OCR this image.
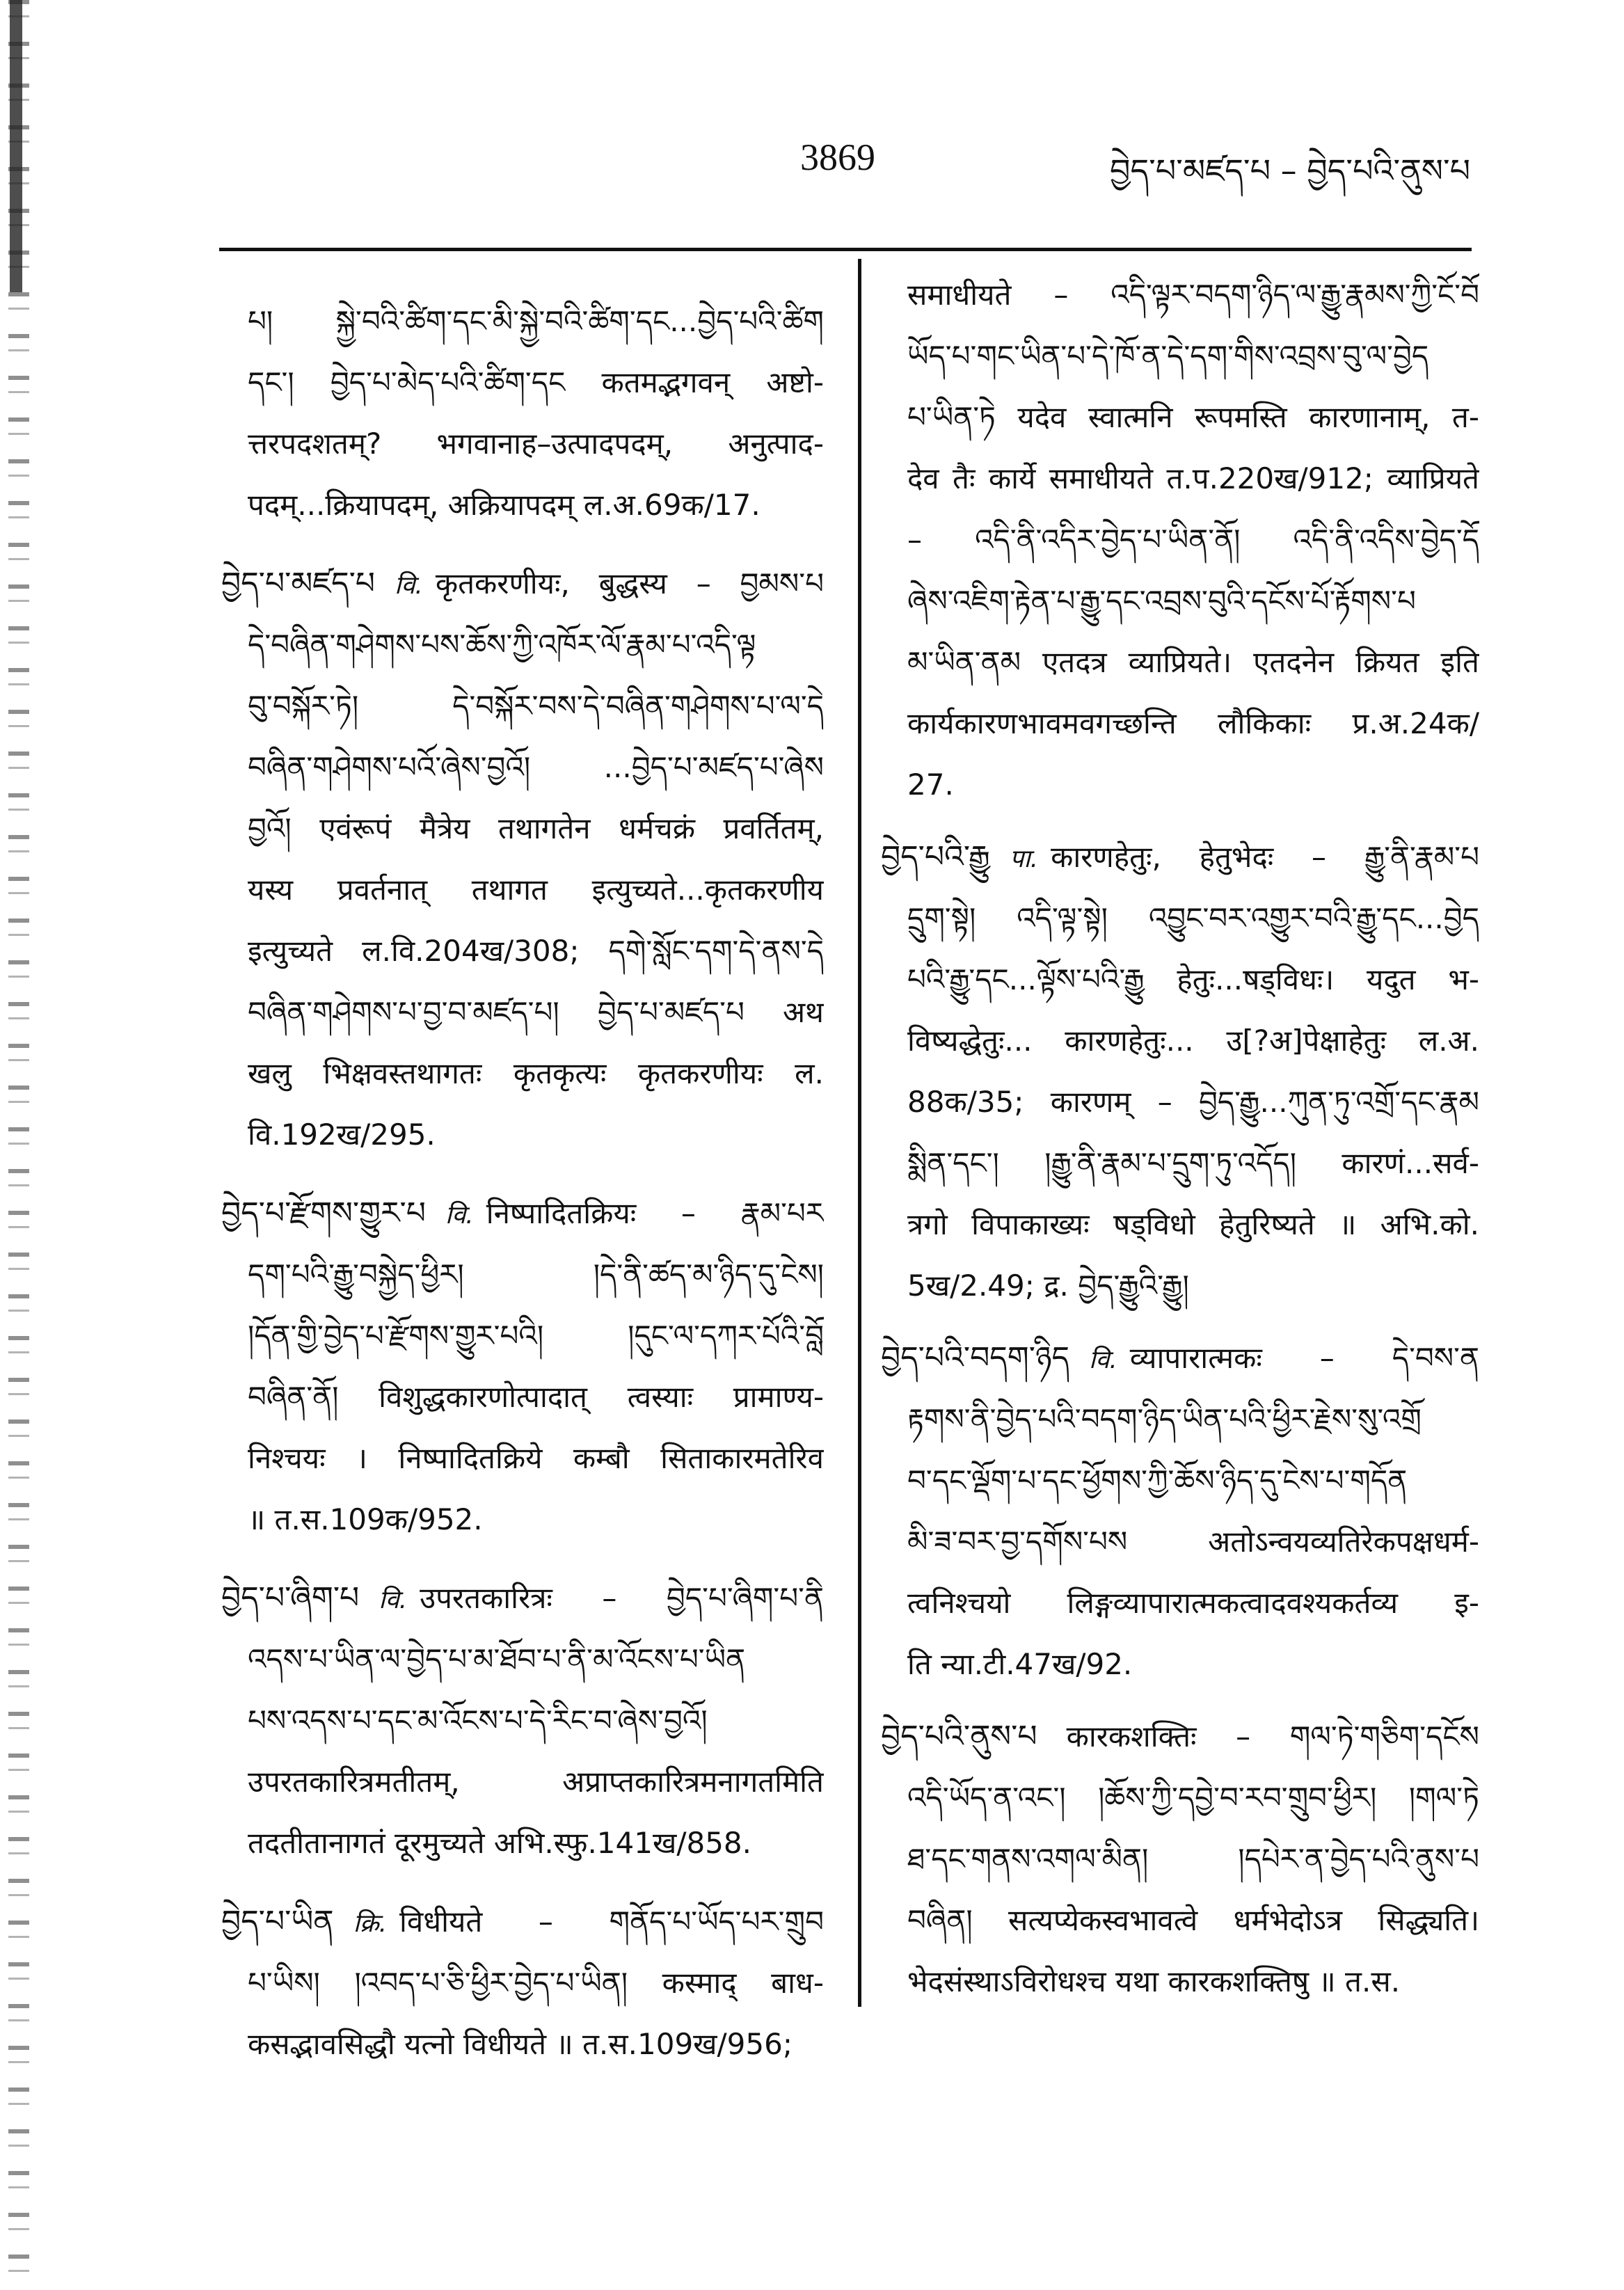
3869	བྱེད་པ་མཛད་པ – བྱེད་པའི་ནུས་པ
པ། སྐྱེ་བའི་ཚིག་དང་མི་སྐྱེ་བའི་ཚིག་དང...བྱེད་པའི་ཚིག
དང་། བྱེད་པ་མེད་པའི་ཚིག་དང कतमद्भगवन् अष्टो-
त्तरपदशतम्? भगवानाह–उत्पादपदम्, अनुत्पाद-
पदम्...क्रियापदम्, अक्रियापदम् ल.अ.69क/17.
བྱེད་པ་མཛད་པ वि. कृतकरणीयः, बुद्धस्य – བྱམས་པ
དེ་བཞིན་གཤེགས་པས་ཆོས་ཀྱི་འཁོར་ལོ་རྣམ་པ་འདི་ལྟ
བུ་བསྐོར་ཏེ། དེ་བསྐོར་བས་དེ་བཞིན་གཤེགས་པ་ལ་དེ
བཞིན་གཤེགས་པའོ་ཞེས་བྱའོ། ...བྱེད་པ་མཛད་པ་ཞེས
བྱའོ། एवंरूपं मैत्रेय तथागतेन धर्मचक्रं प्रवर्तितम्,
यस्य प्रवर्तनात् तथागत इत्युच्यते...कृतकरणीय
इत्युच्यते ल.वि.204ख/308; དགེ་སློང་དག་དེ་ནས་དེ
བཞིན་གཤེགས་པ་བྱ་བ་མཛད་པ། བྱེད་པ་མཛད་པ अथ
खलु भिक्षवस्तथागतः कृतकृत्यः कृतकरणीयः ल.
वि.192ख/295.
བྱེད་པ་རྫོགས་གྱུར་པ वि. निष्पादितक्रियः – རྣམ་པར
དག་པའི་རྒྱུ་བསྐྱེད་ཕྱིར། །དེ་ནི་ཚད་མ་ཉིད་དུ་ངེས།
།དོན་གྱི་བྱེད་པ་རྫོགས་གྱུར་པའི། །དུང་ལ་དཀར་པོའི་བློ
བཞིན་ནོ། विशुद्धकारणोत्पादात् त्वस्याः प्रामाण्य-
निश्चयः । निष्पादितक्रिये कम्बौ सिताकारमतेरिव
॥ त.स.109क/952.
བྱེད་པ་ཞིག་པ वि. उपरतकारित्रः – བྱེད་པ་ཞིག་པ་ནི
འདས་པ་ཡིན་ལ་བྱེད་པ་མ་ཐོབ་པ་ནི་མ་འོངས་པ་ཡིན
པས་འདས་པ་དང་མ་འོངས་པ་དེ་རིང་བ་ཞེས་བྱའོ།
उपरतकारित्रमतीतम्, अप्राप्तकारित्रमनागतमिति
तदतीतानागतं दूरमुच्यते अभि.स्फु.141ख/858.
བྱེད་པ་ཡིན क्रि. विधीयते – གནོད་པ་ཡོད་པར་གྲུབ
པ་ཡིས། །འབད་པ་ཅི་ཕྱིར་བྱེད་པ་ཡིན། कस्माद् बाध-
कसद्भावसिद्धौ यत्नो विधीयते ॥ त.स.109ख/956;
समाधीयते – འདི་ལྟར་བདག་ཉིད་ལ་རྒྱུ་རྣམས་ཀྱི་ངོ་བོ
ཡོད་པ་གང་ཡིན་པ་དེ་ཁོ་ན་དེ་དག་གིས་འབྲས་བུ་ལ་བྱེད
པ་ཡིན་ཏེ यदेव स्वात्मनि रूपमस्ति कारणानाम्, त-
देव तैः कार्ये समाधीयते त.प.220ख/912; व्याप्रियते
– འདི་ནི་འདིར་བྱེད་པ་ཡིན་ནོ། འདི་ནི་འདིས་བྱེད་དོ
ཞེས་འཇིག་རྟེན་པ་རྒྱུ་དང་འབྲས་བུའི་དངོས་པོ་རྟོགས་པ
མ་ཡིན་ནམ एतदत्र व्याप्रियते। एतदनेन क्रियत इति
कार्यकारणभावमवगच्छन्ति लौकिकाः प्र.अ.24क/
27.
བྱེད་པའི་རྒྱུ पा. कारणहेतुः, हेतुभेदः – རྒྱུ་ནི་རྣམ་པ
དྲུག་སྟེ། འདི་ལྟ་སྟེ། འབྱུང་བར་འགྱུར་བའི་རྒྱུ་དང...བྱེད
པའི་རྒྱུ་དང...ལྟོས་པའི་རྒྱུ हेतुः...षड्विधः। यदुत भ-
विष्यद्धेतुः... कारणहेतुः... उ[?अ]पेक्षाहेतुः ल.अ.
88क/35; कारणम् – བྱེད་རྒྱུ...ཀུན་ཏུ་འགྲོ་དང་རྣམ
སྨིན་དང་། །རྒྱུ་ནི་རྣམ་པ་དྲུག་ཏུ་འདོད། कारणं...सर्व-
त्रगो विपाकाख्यः षड्विधो हेतुरिष्यते ॥ अभि.को.
5ख/2.49; द्र. བྱེད་རྒྱུའི་རྒྱུ།
བྱེད་པའི་བདག་ཉིད वि. व्यापारात्मकः – དེ་བས་ན
རྟགས་ནི་བྱེད་པའི་བདག་ཉིད་ཡིན་པའི་ཕྱིར་རྗེས་སུ་འགྲོ
བ་དང་ལྡོག་པ་དང་ཕྱོགས་ཀྱི་ཆོས་ཉིད་དུ་ངེས་པ་གདོན
མི་ཟ་བར་བྱ་དགོས་པས अतोऽन्वयव्यतिरेकपक्षधर्म-
त्वनिश्चयो लिङ्गव्यापारात्मकत्वादवश्यकर्तव्य इ-
ति न्या.टी.47ख/92.
བྱེད་པའི་ནུས་པ  कारकशक्तिः – གལ་ཏེ་གཅིག་དངོས
འདི་ཡོད་ན་འང་། །ཆོས་ཀྱི་དབྱེ་བ་རབ་གྲུབ་ཕྱིར། །གལ་ཏེ
ཐ་དང་གནས་འགལ་མིན། །དཔེར་ན་བྱེད་པའི་ནུས་པ
བཞིན། सत्यप्येकस्वभावत्वे धर्मभेदोऽत्र सिद्ध्यति।
भेदसंस्थाऽविरोधश्च यथा कारकशक्तिषु ॥ त.स.
